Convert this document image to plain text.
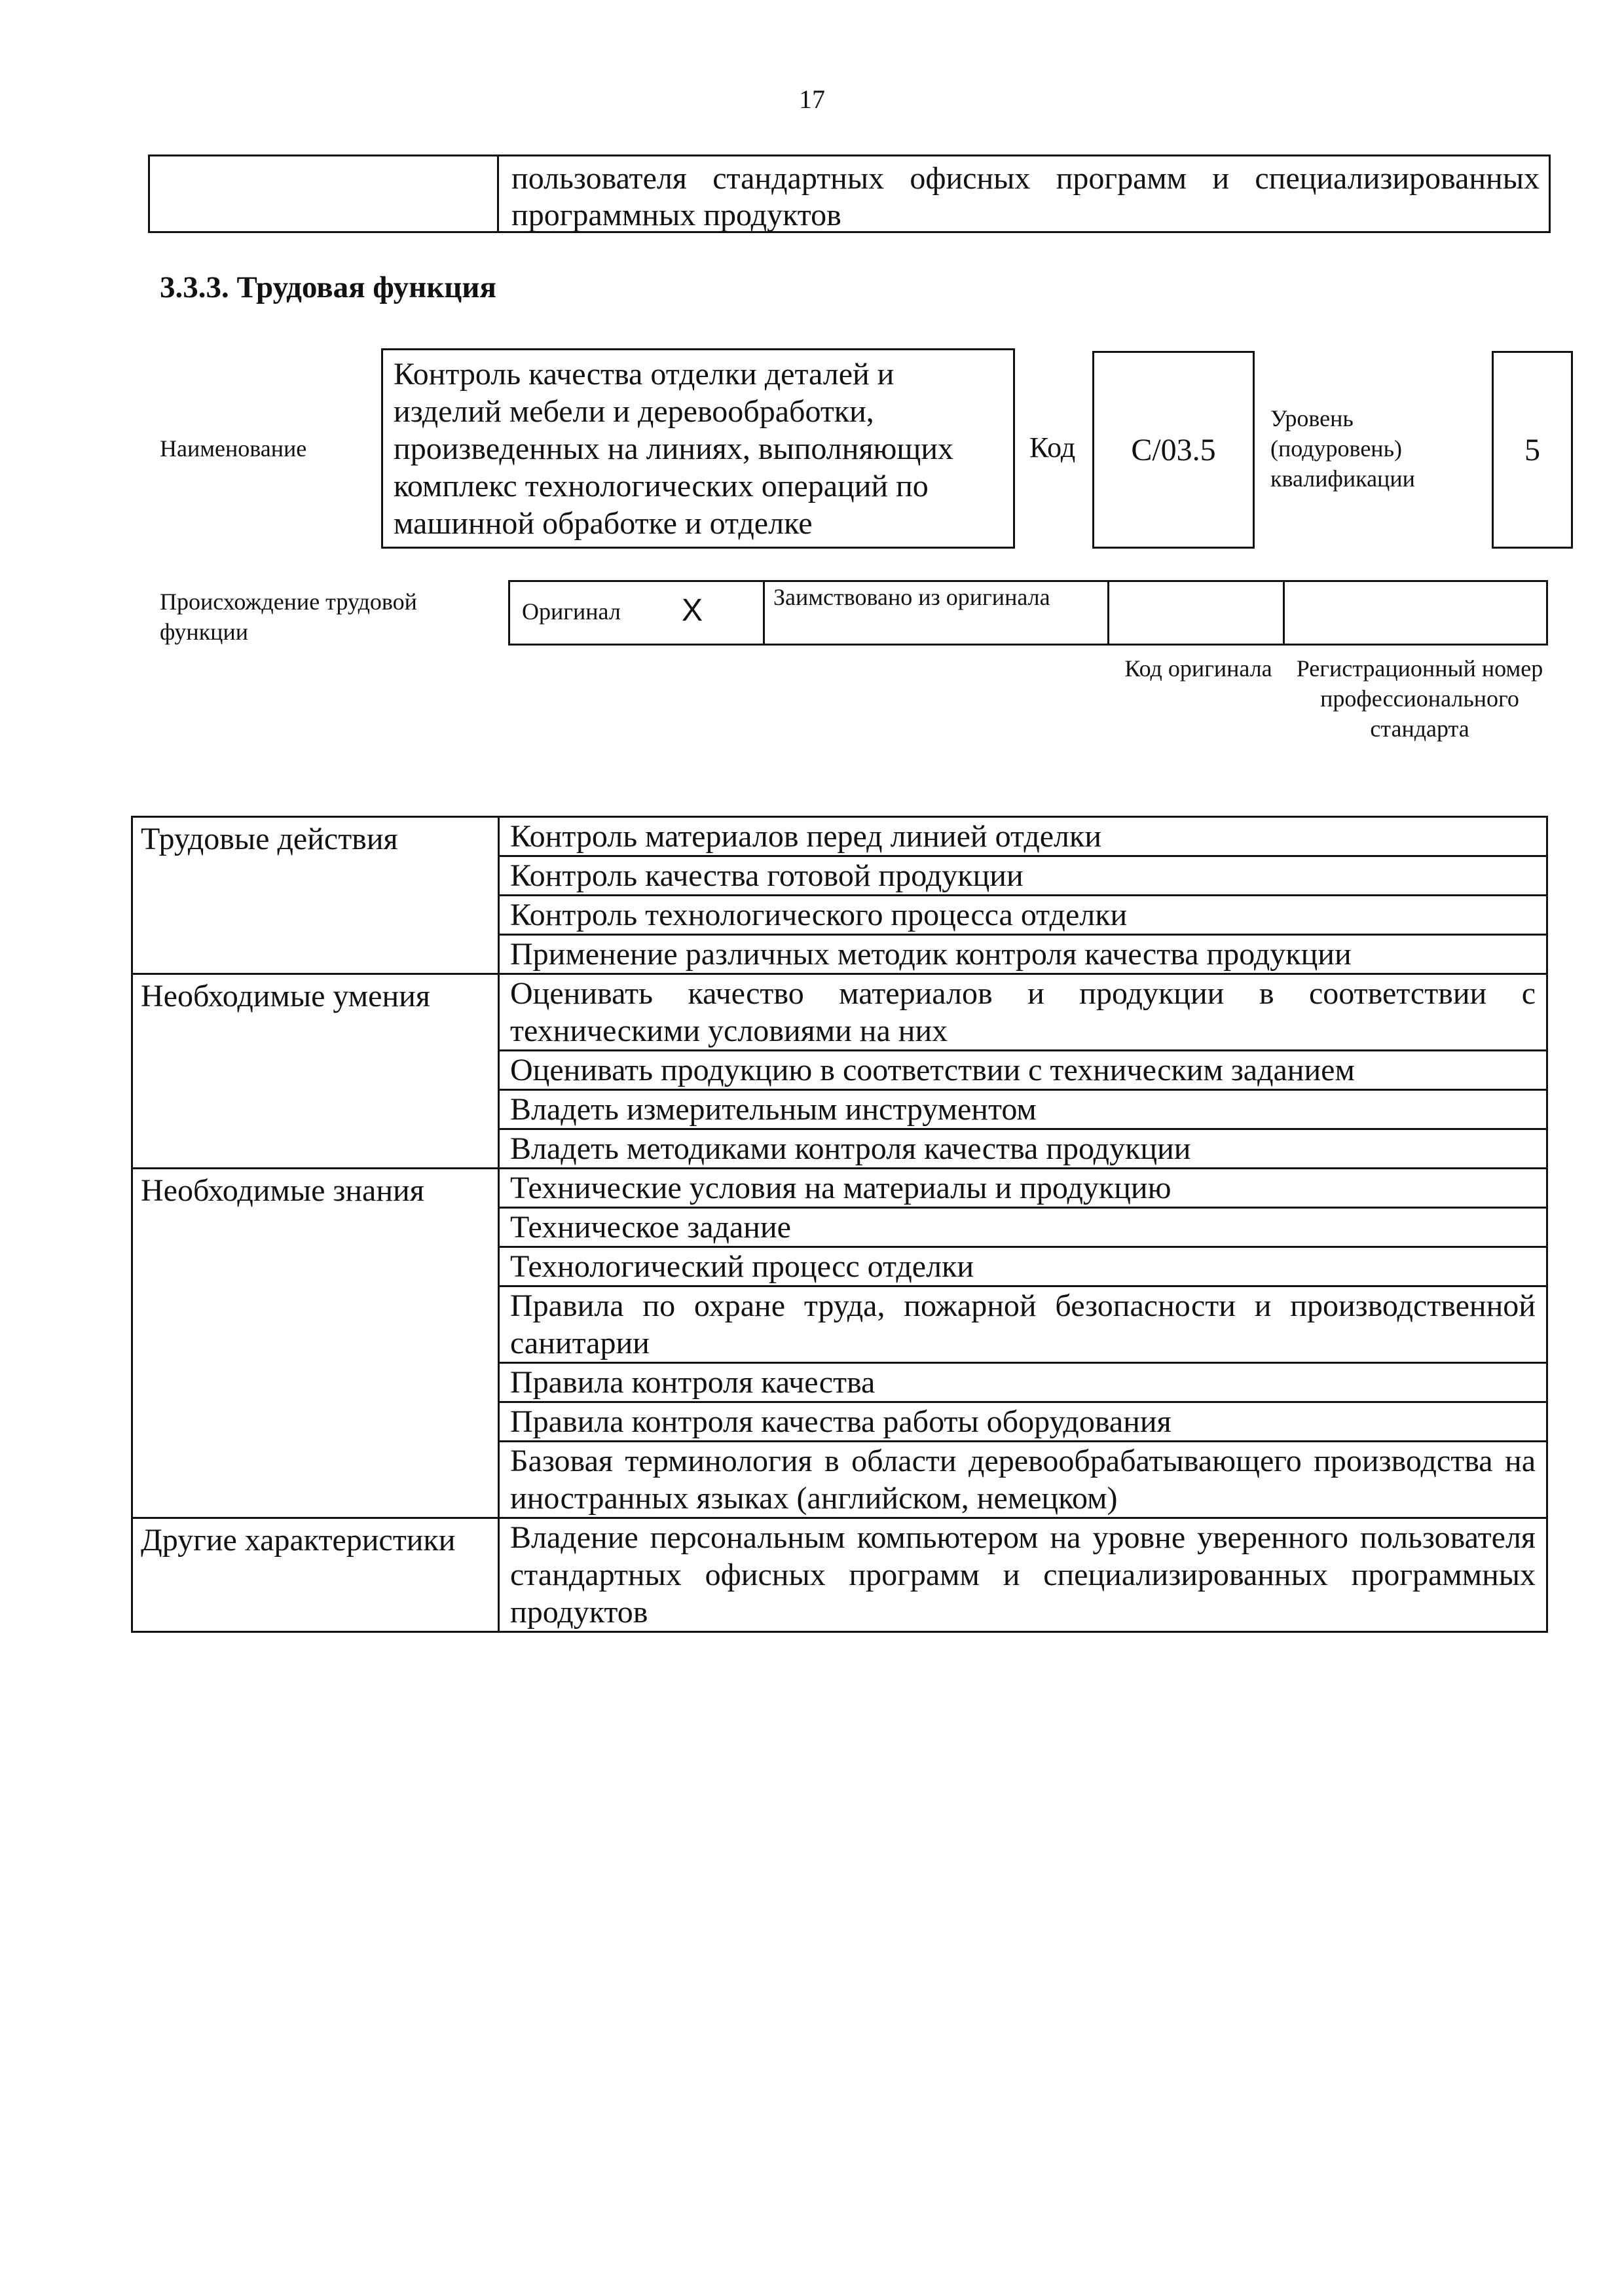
17
пользователя стандартных офисных программ и специализированных программных продуктов
3.3.3. Трудовая функция
Наименование
Контроль качества отделки деталей и изделий мебели и деревообработки, произведенных на линиях, выполняющих комплекс технологических операций по машинной обработке и отделке
Код	С/03.5
Уровень (подуровень) квалификации
5
Происхождение трудовой функции
Оригинал X	Заимствовано из оригинала
Код оригинала	Регистрационный номер профессионального стандарта
Трудовые действия	Контроль материалов перед линией отделки
	Контроль качества готовой продукции
	Контроль технологического процесса отделки
	Применение различных методик контроля качества продукции
Необходимые умения	Оценивать качество материалов и продукции в соответствии с техническими условиями на них
	Оценивать продукцию в соответствии с техническим заданием
	Владеть измерительным инструментом
	Владеть методиками контроля качества продукции
Необходимые знания	Технические условия на материалы и продукцию
	Техническое задание
	Технологический процесс отделки
	Правила по охране труда, пожарной безопасности и производственной санитарии
	Правила контроля качества
	Правила контроля качества работы оборудования
	Базовая терминология в области деревообрабатывающего производства на иностранных языках (английском, немецком)
Другие характеристики	Владение персональным компьютером на уровне уверенного пользователя стандартных офисных программ и специализированных программных продуктов
